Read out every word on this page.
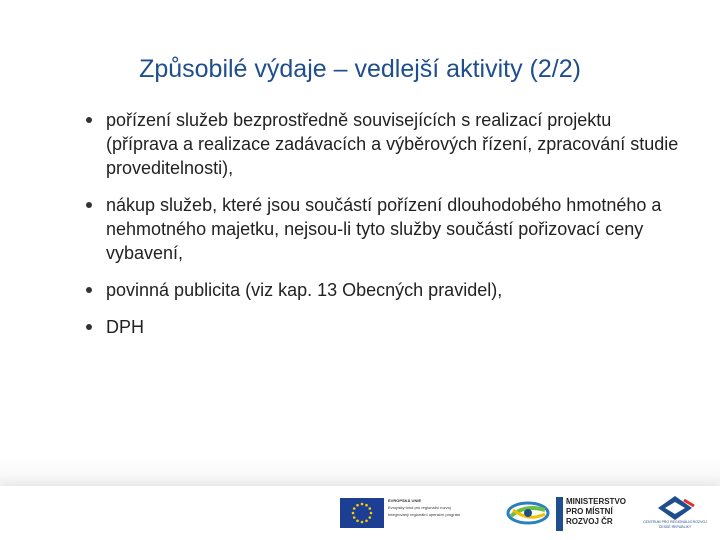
Způsobilé výdaje – vedlejší aktivity (2/2)
pořízení služeb bezprostředně souvisejících s realizací projektu (příprava a realizace zadávacích a výběrových řízení, zpracování studie proveditelnosti),
nákup služeb, které jsou součástí pořízení dlouhodobého hmotného a nehmotného majetku, nejsou-li tyto služby součástí pořizovací ceny vybavení,
povinná publicita (viz kap. 13 Obecných pravidel),
DPH
EVROPSKÁ UNIE
Evropský fond pro regionální rozvoj
Integrovaný regionální operační program
MINISTERSTVO
PRO MÍSTNÍ
ROZVOJ ČR	CENTRUM PRO REGIONÁLNÍ ROZVOJ
ČESKÉ REPUBLIKY
